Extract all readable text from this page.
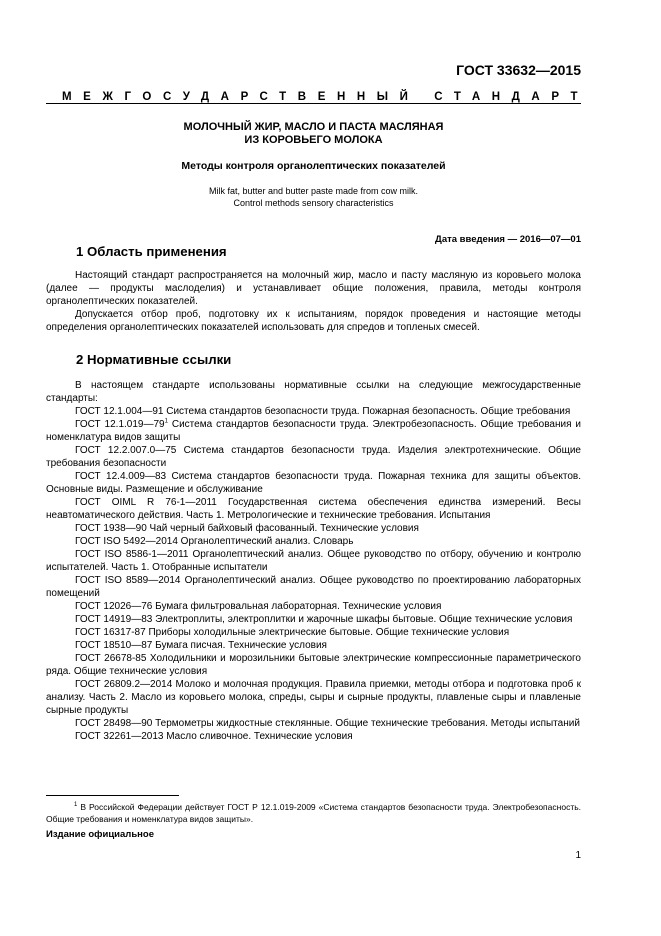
ГОСТ 33632—2015
МЕЖГОСУДАРСТВЕННЫЙ СТАНДАРТ
МОЛОЧНЫЙ ЖИР, МАСЛО И ПАСТА МАСЛЯНАЯ
ИЗ КОРОВЬЕГО МОЛОКА
Методы контроля органолептических показателей
Milk fat, butter and butter paste made from cow milk.
Control methods sensory characteristics
Дата введения — 2016—07—01
1 Область применения

Настоящий стандарт распространяется на молочный жир, масло и пасту масляную из коровьего молока (далее — продукты маслоделия) и устанавливает общие положения, правила, методы контроля органолептических показателей.

Допускается отбор проб, подготовку их к испытаниям, порядок проведения и настоящие методы определения органолептических показателей использовать для спредов и топленых смесей.

2 Нормативные ссылки

В настоящем стандарте использованы нормативные ссылки на следующие межгосударственные стандарты:

ГОСТ 12.1.004—91 Система стандартов безопасности труда. Пожарная безопасность. Общие требования

ГОСТ $12.1.019—79^1$ Система стандартов безопасности труда. Электробезопасность. Общие требования и номенклатура видов защиты

ГОСТ 12.2.007.0—75 Система стандартов безопасности труда. Изделия электротехнические. Общие требования безопасности

ГОСТ 12.4.009—83 Система стандартов безопасности труда. Пожарная техника для защиты объектов. Основные виды. Размещение и обслуживание

ГОСТ OIML R 76-1—2011 Государственная система обеспечения единства измерений. Весы неавтоматического действия. Часть 1. Метрологические и технические требования. Испытания

ГОСТ 1938—90 Чай черный байховый фасованный. Технические условия

ГОСТ ISO 5492—2014 Органолептический анализ. Словарь

ГОСТ ISO 8586-1—2011 Органолептический анализ. Общее руководство по отбору, обучению и контролю испытателей. Часть 1. Отобранные испытатели

ГОСТ ISO 8589—2014 Органолептический анализ. Общее руководство по проектированию лабораторных помещений

ГОСТ 12026—76 Бумага фильтровальная лабораторная. Технические условия

ГОСТ 14919—83 Электроплиты, электроплитки и жарочные шкафы бытовые. Общие технические условия

ГОСТ 16317-87 Приборы холодильные электрические бытовые. Общие технические условия

ГОСТ 18510—87 Бумага писчая. Технические условия

ГОСТ 26678-85 Холодильники и морозильники бытовые электрические компрессионные параметрического ряда. Общие технические условия

ГОСТ 26809.2—2014 Молоко и молочная продукция. Правила приемки, методы отбора и подготовка проб к анализу. Часть 2. Масло из коровьего молока, спреды, сыры и сырные продукты, плавленые сыры и плавленые сырные продукты

ГОСТ 28498—90 Термометры жидкостные стеклянные. Общие технические требования. Методы испытаний

ГОСТ 32261—2013 Масло сливочное. Технические условия

$^1$ В Российской Федерации действует ГОСТ Р 12.1.019-2009 «Система стандартов безопасности труда. Электробезопасность. Общие требования и номенклатура видов защиты».

Издание официальное
1
